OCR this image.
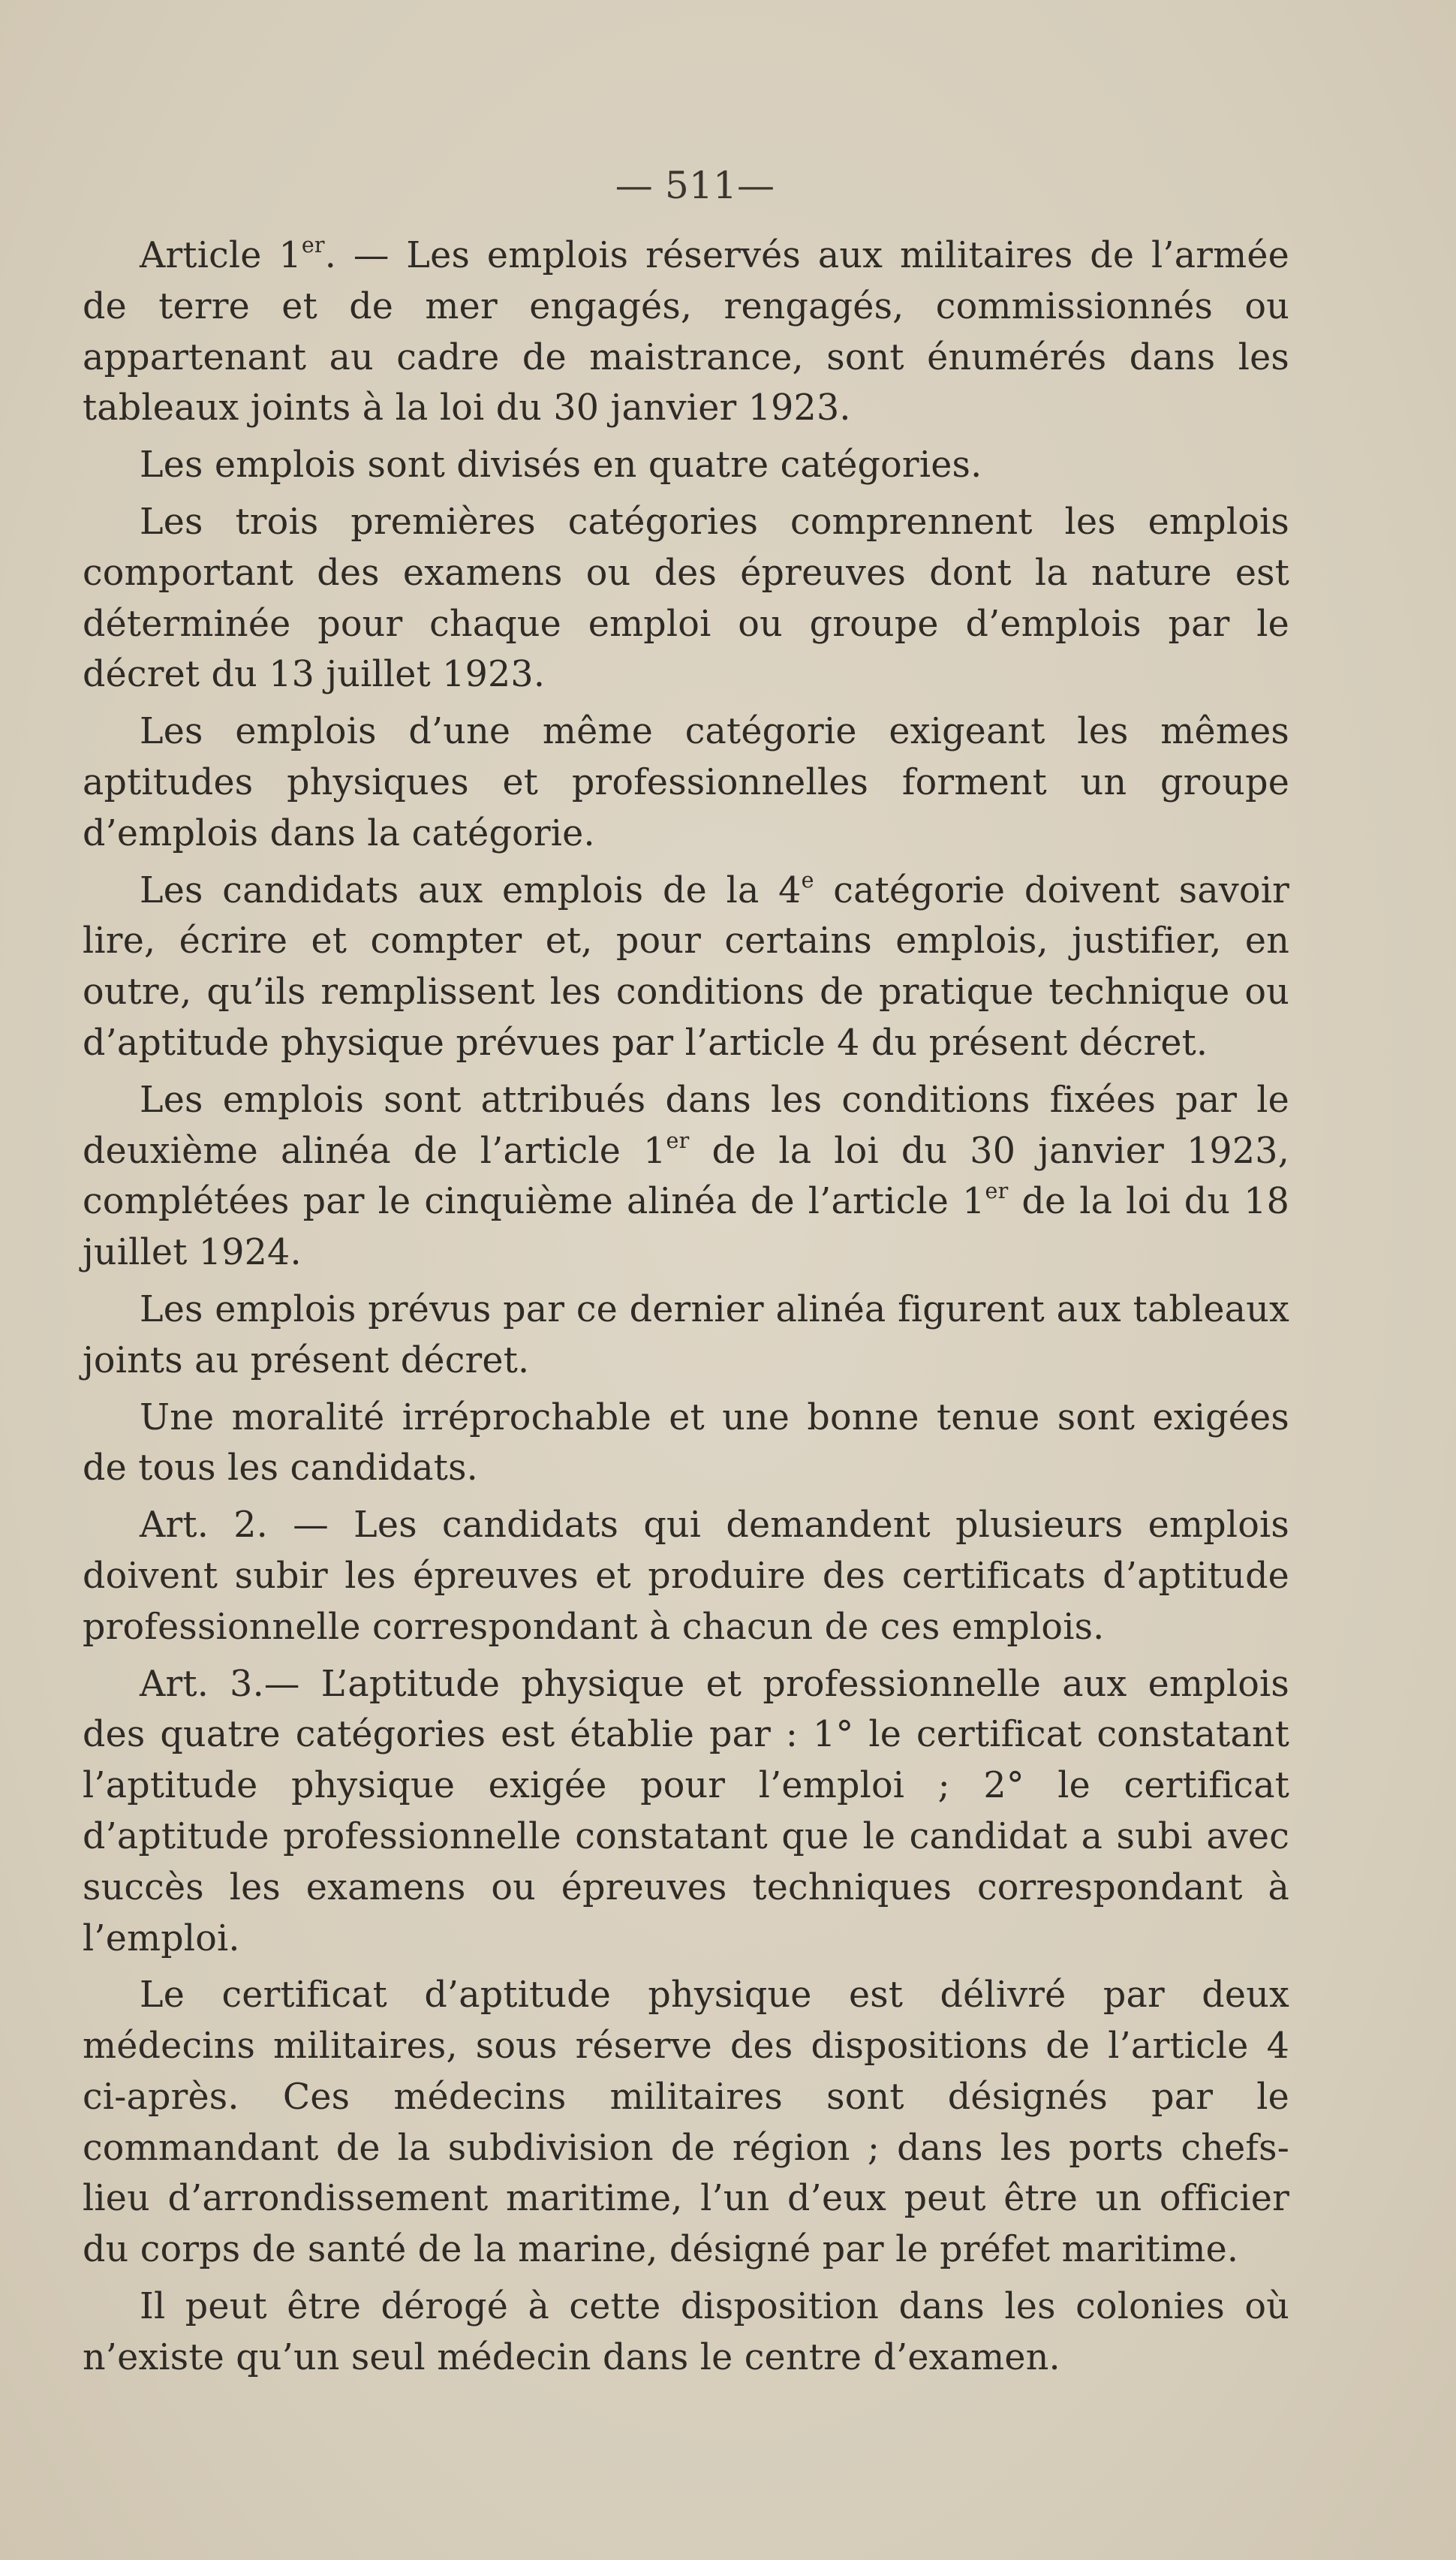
— 511—

Article 1er. — Les emplois réservés aux militaires de l’armée de terre et de mer engagés, rengagés, commissionnés ou appartenant au cadre de maistrance, sont énumérés dans les tableaux joints à la loi du 30 janvier 1923.

Les emplois sont divisés en quatre catégories.

Les trois premières catégories comprennent les emplois comportant des examens ou des épreuves dont la nature est déterminée pour chaque emploi ou groupe d’emplois par le décret du 13 juillet 1923.

Les emplois d’une même catégorie exigeant les mêmes aptitudes physiques et professionnelles forment un groupe d’emplois dans la catégorie.

Les candidats aux emplois de la 4e catégorie doivent savoir lire, écrire et compter et, pour certains emplois, justifier, en outre, qu’ils remplissent les conditions de pratique technique ou d’aptitude physique prévues par l’article 4 du présent décret.

Les emplois sont attribués dans les conditions fixées par le deuxième alinéa de l’article 1er de la loi du 30 janvier 1923, complétées par le cinquième alinéa de l’article 1er de la loi du 18 juillet 1924.

Les emplois prévus par ce dernier alinéa figurent aux tableaux joints au présent décret.

Une moralité irréprochable et une bonne tenue sont exigées de tous les candidats.

Art. 2. — Les candidats qui demandent plusieurs emplois doivent subir les épreuves et produire des certificats d’aptitude professionnelle correspondant à chacun de ces emplois.

Art. 3.— L’aptitude physique et professionnelle aux emplois des quatre catégories est établie par : 1° le certificat constatant l’aptitude physique exigée pour l’emploi ; 2° le certificat d’aptitude professionnelle constatant que le candidat a subi avec succès les examens ou épreuves techniques correspondant à l’emploi.

Le certificat d’aptitude physique est délivré par deux médecins militaires, sous réserve des dispositions de l’article 4 ci-après. Ces médecins militaires sont désignés par le commandant de la subdivision de région ; dans les ports chefs-lieu d’arrondissement maritime, l’un d’eux peut être un officier du corps de santé de la marine, désigné par le préfet maritime.

Il peut être dérogé à cette disposition dans les colonies où n’existe qu’un seul médecin dans le centre d’examen.
